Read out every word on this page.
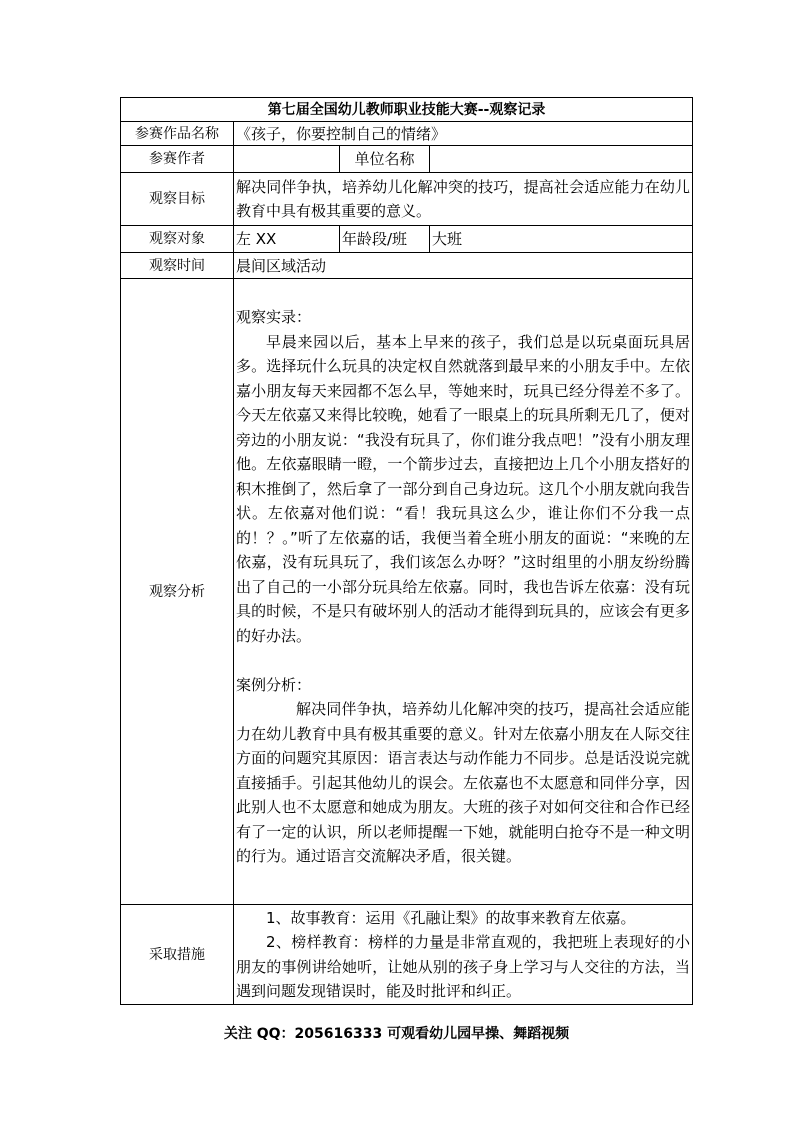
第七届全国幼儿教师职业技能大赛--观察记录			
参赛作品名称	《孩子，你要控制自己的情绪》		
参赛作者		单位名称	
观察目标	解决同伴争执，培养幼儿化解冲突的技巧，提高社会适应能力在幼儿教育中具有极其重要的意义。		

观察对象	左 XX	年龄段/班	大班
观察时间	晨间区域活动		
观察分析	观察实录：

早晨来园以后，基本上早来的孩子，我们总是以玩桌面玩具居多。选择玩什么玩具的决定权自然就落到最早来的小朋友手中。左依嘉小朋友每天来园都不怎么早，等她来时，玩具已经分得差不多了。今天左依嘉又来得比较晚，她看了一眼桌上的玩具所剩无几了，便对旁边的小朋友说：“我没有玩具了，你们谁分我点吧！”没有小朋友理他。左依嘉眼睛一瞪，一个箭步过去，直接把边上几个小朋友搭好的积木推倒了，然后拿了一部分到自己身边玩。这几个小朋友就向我告状。左依嘉对他们说：“看！我玩具这么少，谁让你们不分我一点的！？。”听了左依嘉的话，我便当着全班小朋友的面说：“来晚的左依嘉，没有玩具玩了，我们该怎么办呀？”这时组里的小朋友纷纷腾出了自己的一小部分玩具给左依嘉。同时，我也告诉左依嘉：没有玩具的时候，不是只有破坏别人的活动才能得到玩具的，应该会有更多的好办法。

案例分析：

解决同伴争执，培养幼儿化解冲突的技巧，提高社会适应能力在幼儿教育中具有极其重要的意义。针对左依嘉小朋友在人际交往方面的问题究其原因：语言表达与动作能力不同步。总是话没说完就直接插手。引起其他幼儿的误会。左依嘉也不太愿意和同伴分享，因此别人也不太愿意和她成为朋友。大班的孩子对如何交往和合作已经有了一定的认识，所以老师提醒一下她，就能明白抢夺不是一种文明的行为。通过语言交流解决矛盾，很关键。		

采取措施	1、故事教育：运用《孔融让梨》的故事来教育左依嘉。

2、榜样教育：榜样的力量是非常直观的，我把班上表现好的小朋友的事例讲给她听，让她从别的孩子身上学习与人交往的方法，当遇到问题发现错误时，能及时批评和纠正。		

关注 QQ：205616333 可观看幼儿园早操、舞蹈视频
